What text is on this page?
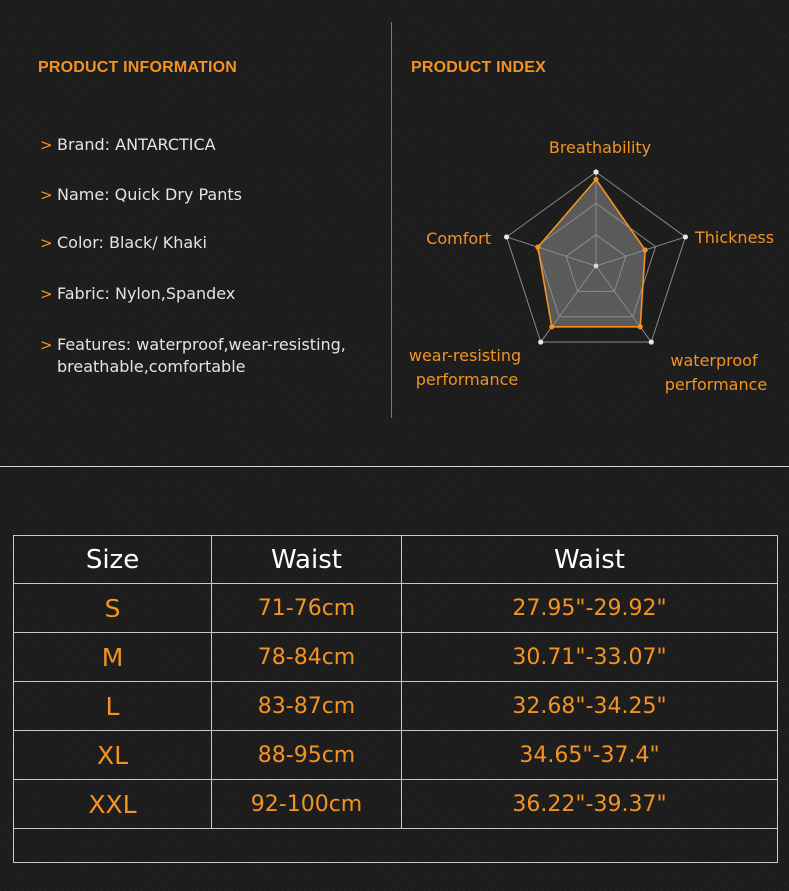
PRODUCT INFORMATION	PRODUCT INDEX
> Brand: ANTARCTICA
> Name: Quick Dry Pants
> Color: Black/ Khaki
> Fabric: Nylon,Spandex
> Features: waterproof,wear-resisting, breathable,comfortable
Breathability
Thickness
waterproof
performance
wear-resisting
performance
Comfort
Size	Waist	Waist
S	71-76cm	27.95"-29.92"
M	78-84cm	30.71"-33.07"
L	83-87cm	32.68"-34.25"
XL	88-95cm	34.65"-37.4"
XXL	92-100cm	36.22"-39.37"
